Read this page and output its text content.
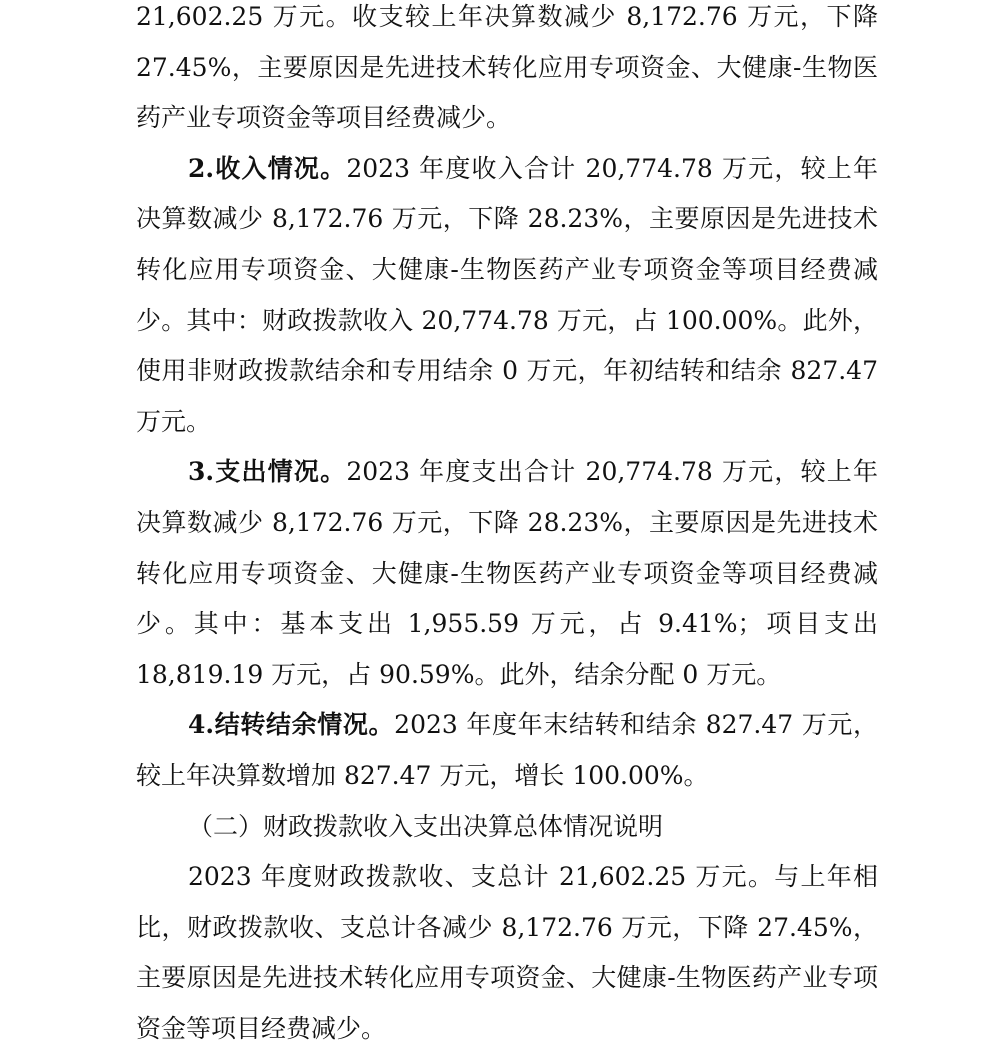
21,602.25 万元。收支较上年决算数减少 8,172.76 万元，下降 27.45%，主要原因是先进技术转化应用专项资金、大健康-生物医药产业专项资金等项目经费减少。

2.收入情况。2023 年度收入合计 20,774.78 万元，较上年决算数减少 8,172.76 万元，下降 28.23%，主要原因是先进技术转化应用专项资金、大健康-生物医药产业专项资金等项目经费减少。其中：财政拨款收入 20,774.78 万元，占 100.00%。此外，使用非财政拨款结余和专用结余 0 万元，年初结转和结余 827.47 万元。

3.支出情况。2023 年度支出合计 20,774.78 万元，较上年决算数减少 8,172.76 万元，下降 28.23%，主要原因是先进技术转化应用专项资金、大健康-生物医药产业专项资金等项目经费减少。其中：基本支出 1,955.59 万元，占 9.41%；项目支出 18,819.19 万元，占 90.59%。此外，结余分配 0 万元。

4.结转结余情况。2023 年度年末结转和结余 827.47 万元，较上年决算数增加 827.47 万元，增长 100.00%。

（二）财政拨款收入支出决算总体情况说明

2023 年度财政拨款收、支总计 21,602.25 万元。与上年相比，财政拨款收、支总计各减少 8,172.76 万元，下降 27.45%，主要原因是先进技术转化应用专项资金、大健康-生物医药产业专项资金等项目经费减少。
